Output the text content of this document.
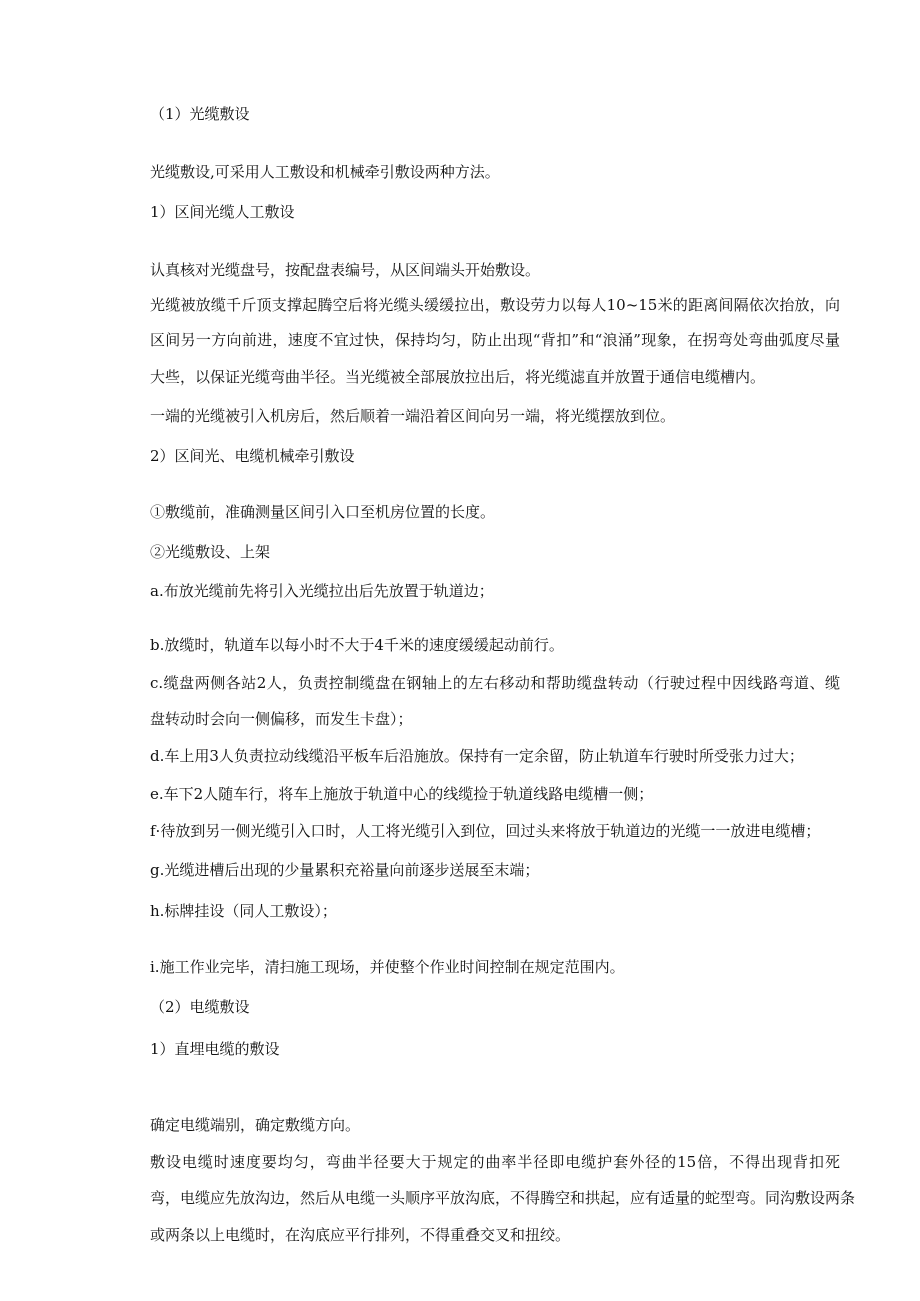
（1）光缆敷设
光缆敷设,可采用人工敷设和机械牵引敷设两种方法。
1）区间光缆人工敷设
认真核对光缆盘号，按配盘表编号，从区间端头开始敷设。
光缆被放缆千斤顶支撑起腾空后将光缆头缓缓拉出，敷设劳力以每人10~15米的距离间隔依次抬放，向
区间另一方向前进，速度不宜过快，保持均匀，防止出现“背扣”和“浪涌”现象，在拐弯处弯曲弧度尽量
大些，以保证光缆弯曲半径。当光缆被全部展放拉出后，将光缆滤直并放置于通信电缆槽内。
一端的光缆被引入机房后，然后顺着一端沿着区间向另一端，将光缆摆放到位。
2）区间光、电缆机械牵引敷设
①敷缆前，准确测量区间引入口至机房位置的长度。
②光缆敷设、上架
a.布放光缆前先将引入光缆拉出后先放置于轨道边；
b.放缆时，轨道车以每小时不大于4千米的速度缓缓起动前行。
c.缆盘两侧各站2人，负责控制缆盘在钢轴上的左右移动和帮助缆盘转动（行驶过程中因线路弯道、缆
盘转动时会向一侧偏移，而发生卡盘）；
d.车上用3人负责拉动线缆沿平板车后沿施放。保持有一定余留，防止轨道车行驶时所受张力过大；
e.车下2人随车行，将车上施放于轨道中心的线缆捡于轨道线路电缆槽一侧；
f·待放到另一侧光缆引入口时，人工将光缆引入到位，回过头来将放于轨道边的光缆一一放进电缆槽；
g.光缆进槽后出现的少量累积充裕量向前逐步送展至末端；
h.标牌挂设（同人工敷设）；
i.施工作业完毕，清扫施工现场，并使整个作业时间控制在规定范围内。
（2）电缆敷设
1）直埋电缆的敷设
确定电缆端别，确定敷缆方向。
敷设电缆时速度要均匀，弯曲半径要大于规定的曲率半径即电缆护套外径的15倍，不得出现背扣死
弯，电缆应先放沟边，然后从电缆一头顺序平放沟底，不得腾空和拱起，应有适量的蛇型弯。同沟敷设两条
或两条以上电缆时，在沟底应平行排列，不得重叠交叉和扭绞。
